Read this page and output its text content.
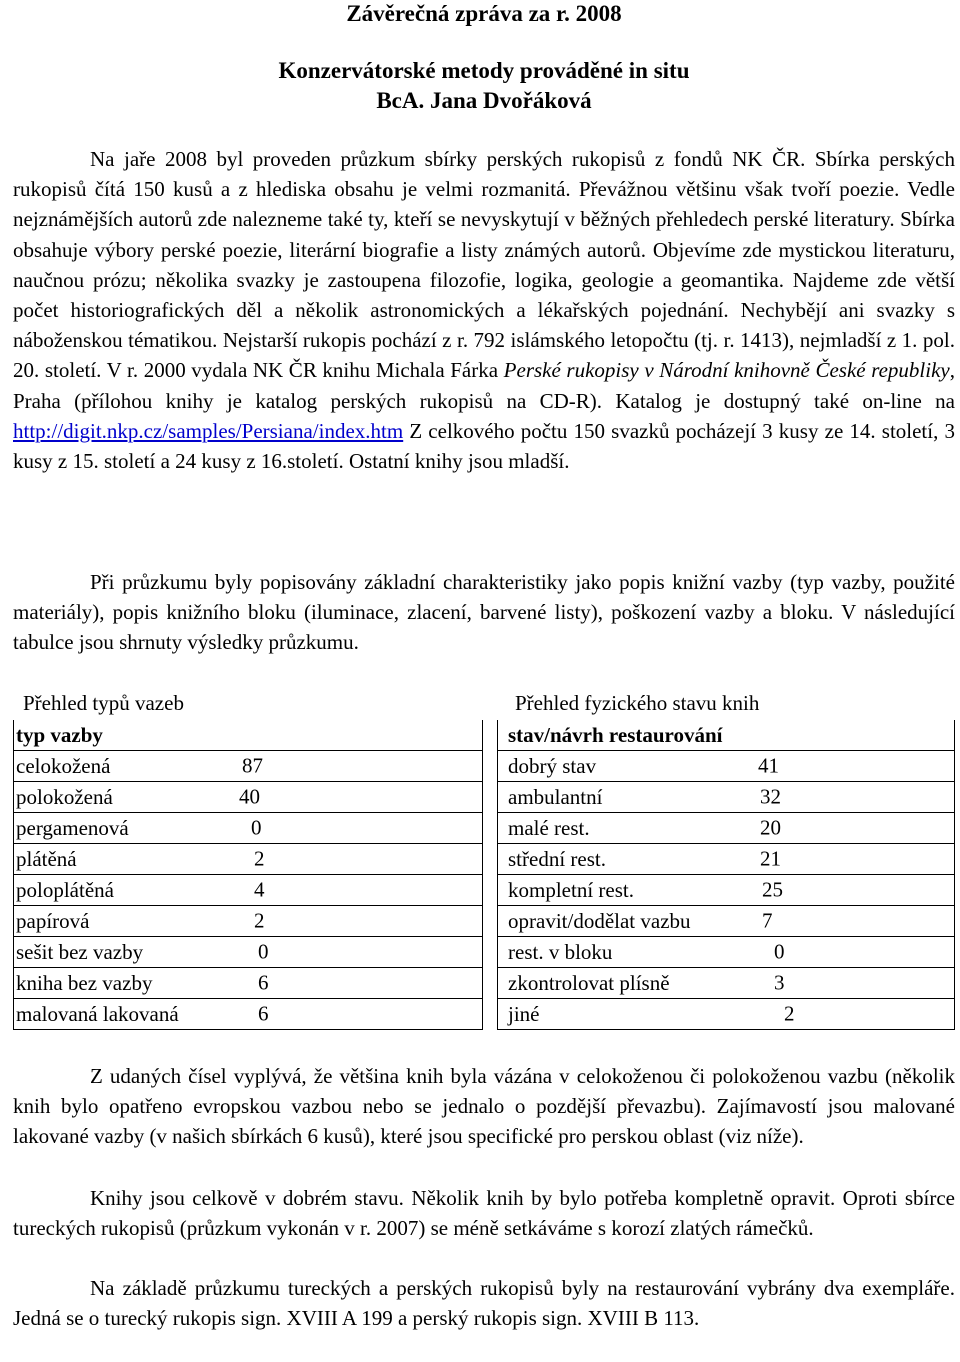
Závěrečná zpráva za r. 2008
Konzervátorské metody prováděné in situ
BcA. Jana Dvořáková

Na jaře 2008 byl proveden průzkum sbírky perských rukopisů z fondů NK ČR. Sbírka perských rukopisů čítá 150 kusů a z hlediska obsahu je velmi rozmanitá. Převážnou většinu však tvoří poezie. Vedle nejznámějších autorů zde nalezneme také ty, kteří se nevyskytují v běžných přehledech perské literatury. Sbírka obsahuje výbory perské poezie, literární biografie a listy známých autorů. Objevíme zde mystickou literaturu, naučnou prózu; několika svazky je zastoupena filozofie, logika, geologie a geomantika. Najdeme zde větší počet historiografických děl a několik astronomických a lékařských pojednání. Nechybějí ani svazky s náboženskou tématikou. Nejstarší rukopis pochází z r. 792 islámského letopočtu (tj. r. 1413), nejmladší z 1. pol. 20. století. V r. 2000 vydala NK ČR knihu Michala Fárka Perské rukopisy v Národní knihovně České republiky, Praha (přílohou knihy je katalog perských rukopisů na CD-R). Katalog je dostupný také on-line na http://digit.nkp.cz/samples/Persiana/index.htm Z celkového počtu 150 svazků pocházejí 3 kusy ze 14. století, 3 kusy z 15. století a 24 kusy z 16.století. Ostatní knihy jsou mladší.

Při průzkumu byly popisovány základní charakteristiky jako popis knižní vazby (typ vazby, použité materiály), popis knižního bloku (iluminace, zlacení, barvené listy), poškození vazby a bloku. V následující tabulce jsou shrnuty výsledky průzkumu.

Přehled typů vazeb	Přehled fyzického stavu knih

typ vazby
celokožená	87

polokožená	40

pergamenová	0

plátěná	2

poloplátěná	4

papírová	2

sešit bez vazby	0

kniha bez vazby	6

malovaná lakovaná	6
stav/návrh restaurování
dobrý stav	41

ambulantní	32

malé rest.	20

střední rest.	21

kompletní rest.	25

opravit/dodělat vazbu	7

rest. v bloku	0

zkontrolovat plísně	3

jiné	2

Z udaných čísel vyplývá, že většina knih byla vázána v celokoženou či polokoženou vazbu (několik knih bylo opatřeno evropskou vazbou nebo se jednalo o pozdější převazbu). Zajímavostí jsou malované lakované vazby (v našich sbírkách 6 kusů), které jsou specifické pro perskou oblast (viz níže).

Knihy jsou celkově v dobrém stavu. Několik knih by bylo potřeba kompletně opravit. Oproti sbírce tureckých rukopisů (průzkum vykonán v r. 2007) se méně setkáváme s korozí zlatých rámečků.

Na základě průzkumu tureckých a perských rukopisů byly na restaurování vybrány dva exempláře. Jedná se o turecký rukopis sign. XVIII A 199 a perský rukopis sign. XVIII B 113.
